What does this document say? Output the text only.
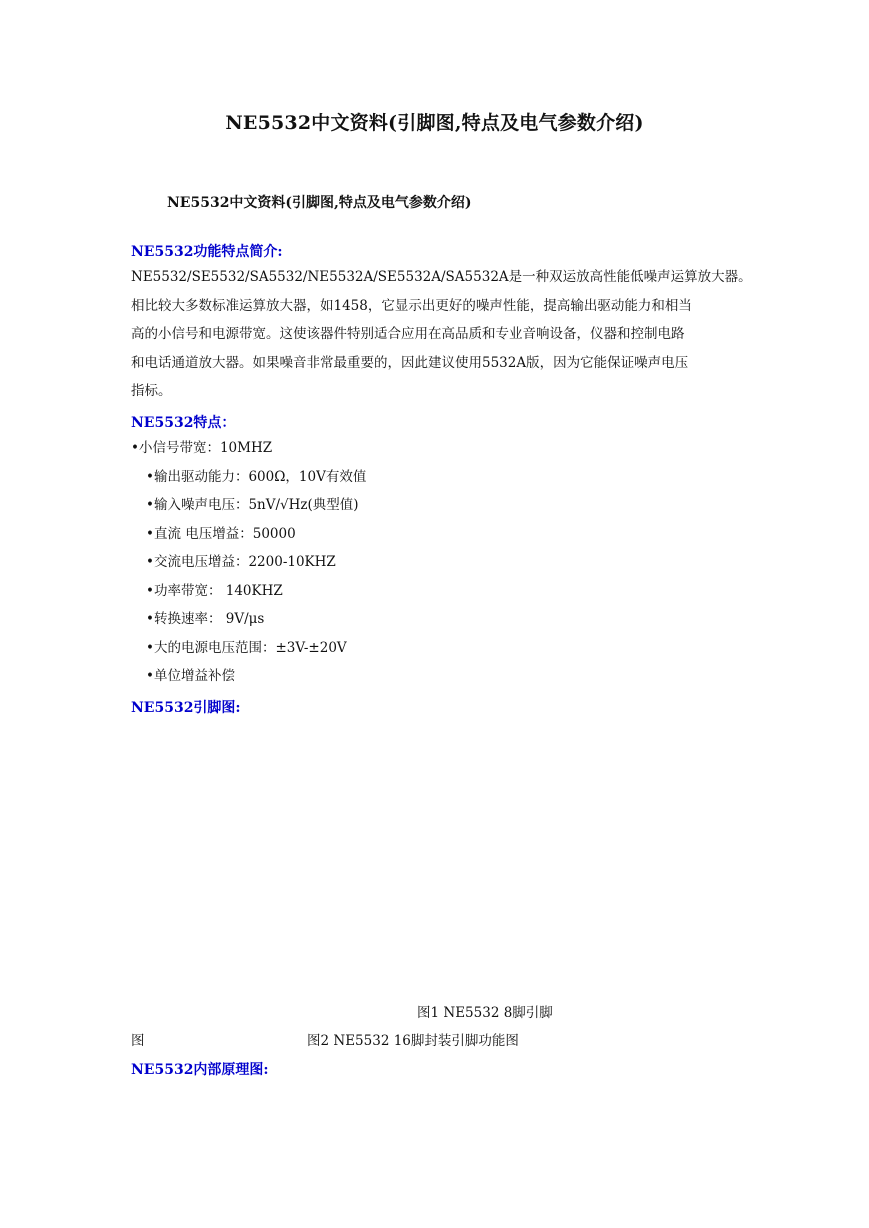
NE5532中文资料(引脚图,特点及电气参数介绍)
NE5532中文资料(引脚图,特点及电气参数介绍)
NE5532功能特点简介:
NE5532/SE5532/SA5532/NE5532A/SE5532A/SA5532A是一种双运放高性能低噪声运算放大器。
相比较大多数标准运算放大器，如1458，它显示出更好的噪声性能，提高输出驱动能力和相当
高的小信号和电源带宽。这使该器件特别适合应用在高品质和专业音响设备，仪器和控制电路
和电话通道放大器。如果噪音非常最重要的，因此建议使用5532A版，因为它能保证噪声电压
指标。
NE5532特点：
•小信号带宽：10MHZ
•输出驱动能力：600Ω，10V有效值
•输入噪声电压：5nV/√Hz(典型值)
•直流 电压增益：50000
•交流电压增益：2200-10KHZ
•功率带宽： 140KHZ
•转换速率： 9V/μs
•大的电源电压范围：±3V-±20V
•单位增益补偿
NE5532引脚图:
图1 NE5532 8脚引脚
图	图2 NE5532 16脚封装引脚功能图
NE5532内部原理图:
